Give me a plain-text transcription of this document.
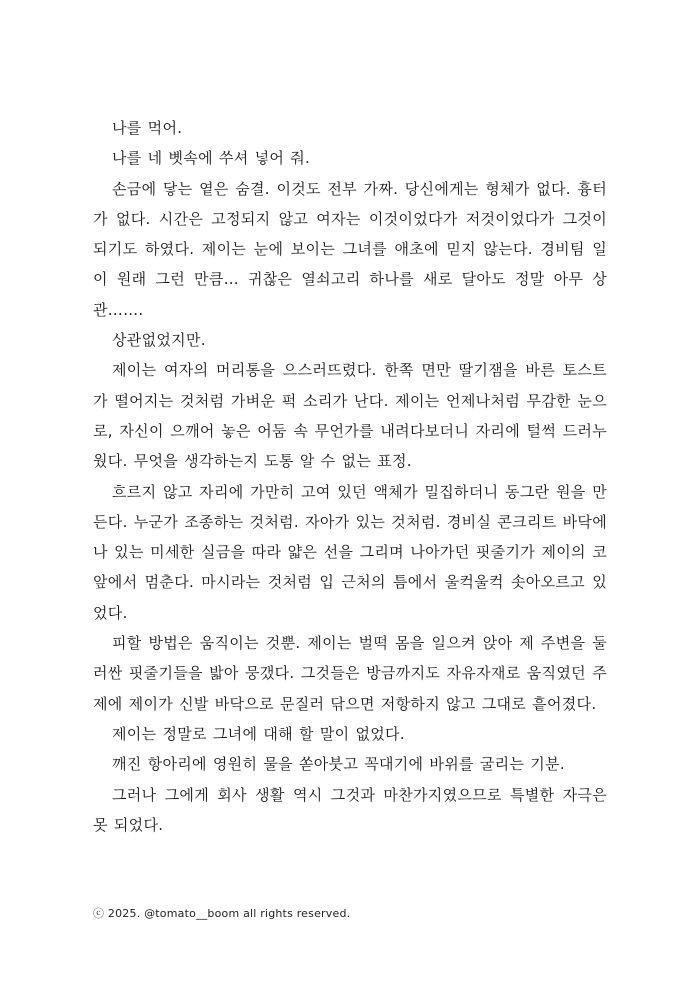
나를 먹어.

나를 네 볫속에 쑤셔 넣어 줘.

손금에 닿는 옅은 숨결. 이것도 전부 가짜. 당신에게는 형체가 없다. 흉터가 없다. 시간은 고정되지 않고 여자는 이것이었다가 저것이었다가 그것이 되기도 하였다. 제이는 눈에 보이는 그녀를 애초에 믿지 않는다. 경비팀 일이 원래 그런 만큼… 귀찮은 열쇠고리 하나를 새로 달아도 정말 아무 상관…….

상관없었지만.

제이는 여자의 머리통을 으스러뜨렸다. 한쪽 면만 딸기잼을 바른 토스트가 떨어지는 것처럼 가벼운 퍽 소리가 난다. 제이는 언제나처럼 무감한 눈으로, 자신이 으깨어 놓은 어둠 속 무언가를 내려다보더니 자리에 털썩 드러누웠다. 무엇을 생각하는지 도통 알 수 없는 표정.

흐르지 않고 자리에 가만히 고여 있던 액체가 밀집하더니 동그란 원을 만든다. 누군가 조종하는 것처럼. 자아가 있는 것처럼. 경비실 콘크리트 바닥에 나 있는 미세한 실금을 따라 얇은 선을 그리며 나아가던 핏줄기가 제이의 코앞에서 멈춘다. 마시라는 것처럼 입 근처의 틈에서 울컥울컥 솟아오르고 있었다.

피할 방법은 움직이는 것뿐. 제이는 벌떡 몸을 일으켜 앉아 제 주변을 둘러싼 핏줄기들을 밟아 뭉갰다. 그것들은 방금까지도 자유자재로 움직였던 주제에 제이가 신발 바닥으로 문질러 닦으면 저항하지 않고 그대로 흩어졌다.

제이는 정말로 그녀에 대해 할 말이 없었다.

깨진 항아리에 영원히 물을 쏟아붓고 꼭대기에 바위를 굴리는 기분.

그러나 그에게 회사 생활 역시 그것과 마찬가지였으므로 특별한 자극은 못 되었다.

ⓒ 2025. @tomato__boom all rights reserved.
